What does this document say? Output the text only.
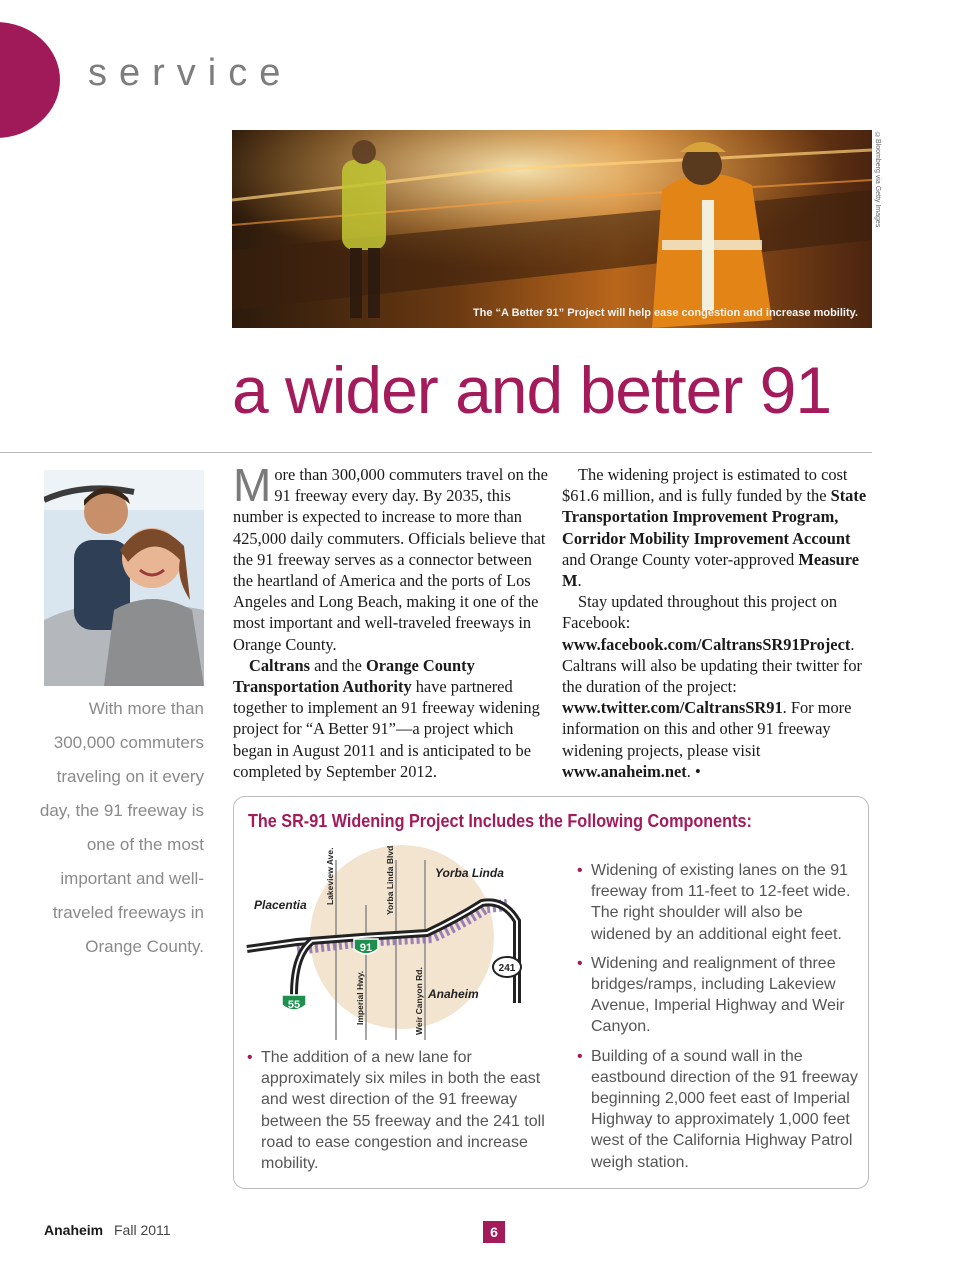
service
The “A Better 91” Project will help ease congestion and increase mobility.
©Bloomberg via Getty Images
a wider and better 91
With more than 300,000 commuters traveling on it every day, the 91 freeway is one of the most important and well-traveled freeways in Orange County.

More than 300,000 commuters travel on the 91 freeway every day. By 2035, this number is expected to increase to more than 425,000 daily commuters. Officials believe that the 91 freeway serves as a connector between the heartland of America and the ports of Los Angeles and Long Beach, making it one of the most important and well-traveled freeways in Orange County.

Caltrans and the Orange County Transportation Authority have partnered together to implement an 91 freeway widening project for “A Better 91”—a project which began in August 2011 and is anticipated to be completed by September 2012.

The widening project is estimated to cost $61.6 million, and is fully funded by the State Transportation Improvement Program, Corridor Mobility Improvement Account and Orange County voter-approved Measure M.

Stay updated throughout this project on Facebook: www.facebook.com/CaltransSR91Project. Caltrans will also be updating their twitter for the duration of the project: www.twitter.com/CaltransSR91. For more information on this and other 91 freeway widening projects, please visit www.anaheim.net. •

The SR-91 Widening Project Includes the Following Components:
91
55
241
Placentia
Yorba Linda
Anaheim
Lakeview Ave.	Yorba Linda Blvd.
Imperial Hwy.	Weir Canyon Rd.
• The addition of a new lane for approximately six miles in both the east and west direction of the 91 freeway between the 55 freeway and the 241 toll road to ease congestion and increase mobility.
• Widening of existing lanes on the 91 freeway from 11-feet to 12-feet wide. The right shoulder will also be widened by an additional eight feet.
• Widening and realignment of three bridges/ramps, including Lakeview Avenue, Imperial Highway and Weir Canyon.
• Building of a sound wall in the eastbound direction of the 91 freeway beginning 2,000 feet east of Imperial Highway to approximately 1,000 feet west of the California Highway Patrol weigh station.
Anaheim Fall 2011	6
